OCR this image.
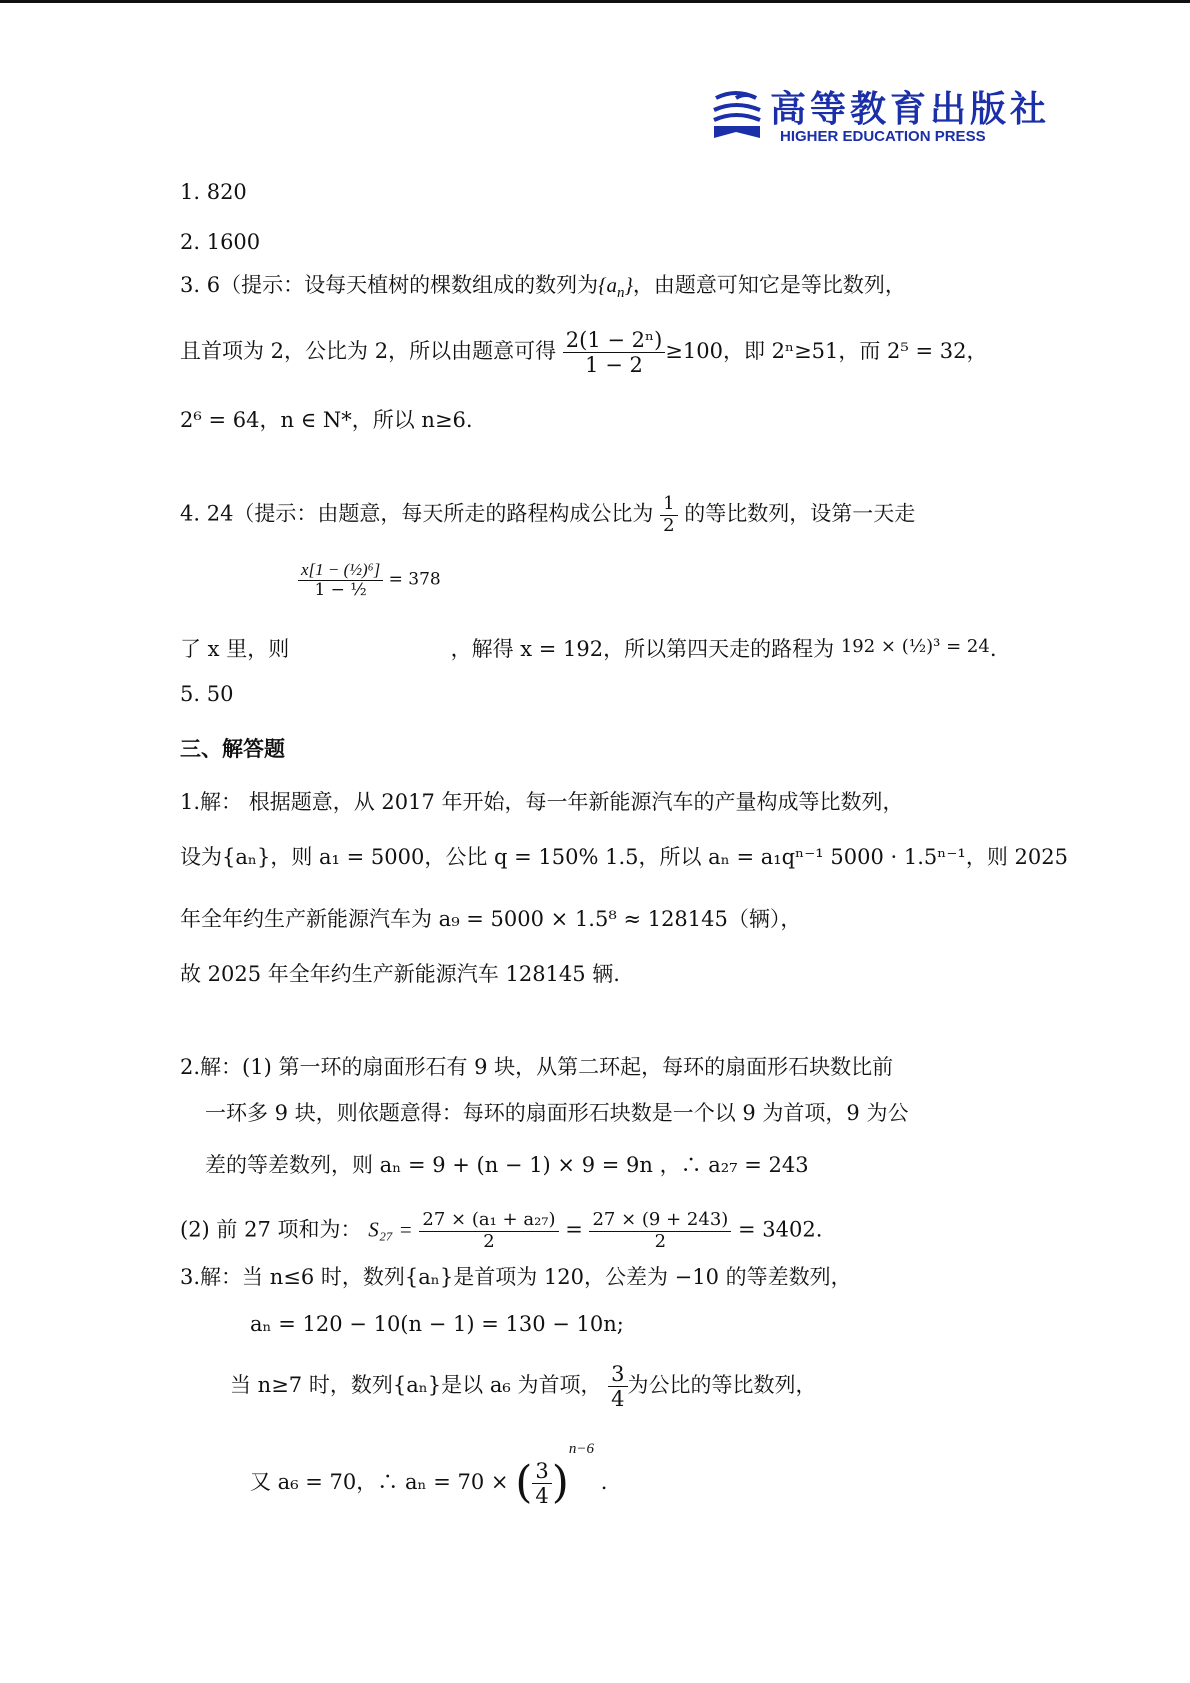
高等教育出版社
HIGHER EDUCATION PRESS
1. 820
2. 1600
3. 6（提示：设每天植树的棵数组成的数列为$\{a_n\}$，由题意可知它是等比数列，
且首项为 2，公比为 2，所以由题意可得 $\frac{\text{2(1 − 2ⁿ)}}{1 - 2} \ge 100$，即 2ⁿ≥51，而 2⁵ = 32，
2⁶ = 64，n ∈ N*，所以 n≥6.
4. 24（提示：由题意，每天所走的路程构成公比为 $\frac{1}{2}$ 的等比数列，设第一天走
$\frac{\text{x[1 − (½)⁶]}}{\text{1 − ½}} = 378$
了 x 里，则	，解得 x = 192，所以第四天走的路程为 192 × (½)³ = 24.
5. 50
三、解答题
1.解： 根据题意，从 2017 年开始，每一年新能源汽车的产量构成等比数列，
设为{aₙ}，则 a₁ = 5000，公比 q = 150% 1.5，所以 aₙ = a₁qⁿ⁻¹ 5000 · 1.5ⁿ⁻¹，则 2025
年全年约生产新能源汽车为 a₉ = 5000 × 1.5⁸ ≈ 128145（辆），
故 2025 年全年约生产新能源汽车 128145 辆.
2.解：(1) 第一环的扇面形石有 9 块，从第二环起，每环的扇面形石块数比前
一环多 9 块，则依题意得：每环的扇面形石块数是一个以 9 为首项，9 为公
差的等差数列，则 aₙ = 9 + (n − 1) × 9 = 9n ，∴ a₂₇ = 243
(2) 前 27 项和为： $S_{27} = \frac{\text{27 × (a₁ + a₂₇)}}{2} = \frac{27 \times (9 + 243)}{2} = 3402$.
3.解：当 n≤6 时，数列{aₙ}是首项为 120，公差为 −10 的等差数列，
aₙ = 120 − 10(n − 1) = 130 − 10n;
当 n≥7 时，数列{aₙ}是以 a₆ 为首项， $\frac{3}{4}$ 为公比的等比数列，
又 a₆ = 70，∴ aₙ = 70 × ( $\frac{3}{4} )^{n-6}$ .
